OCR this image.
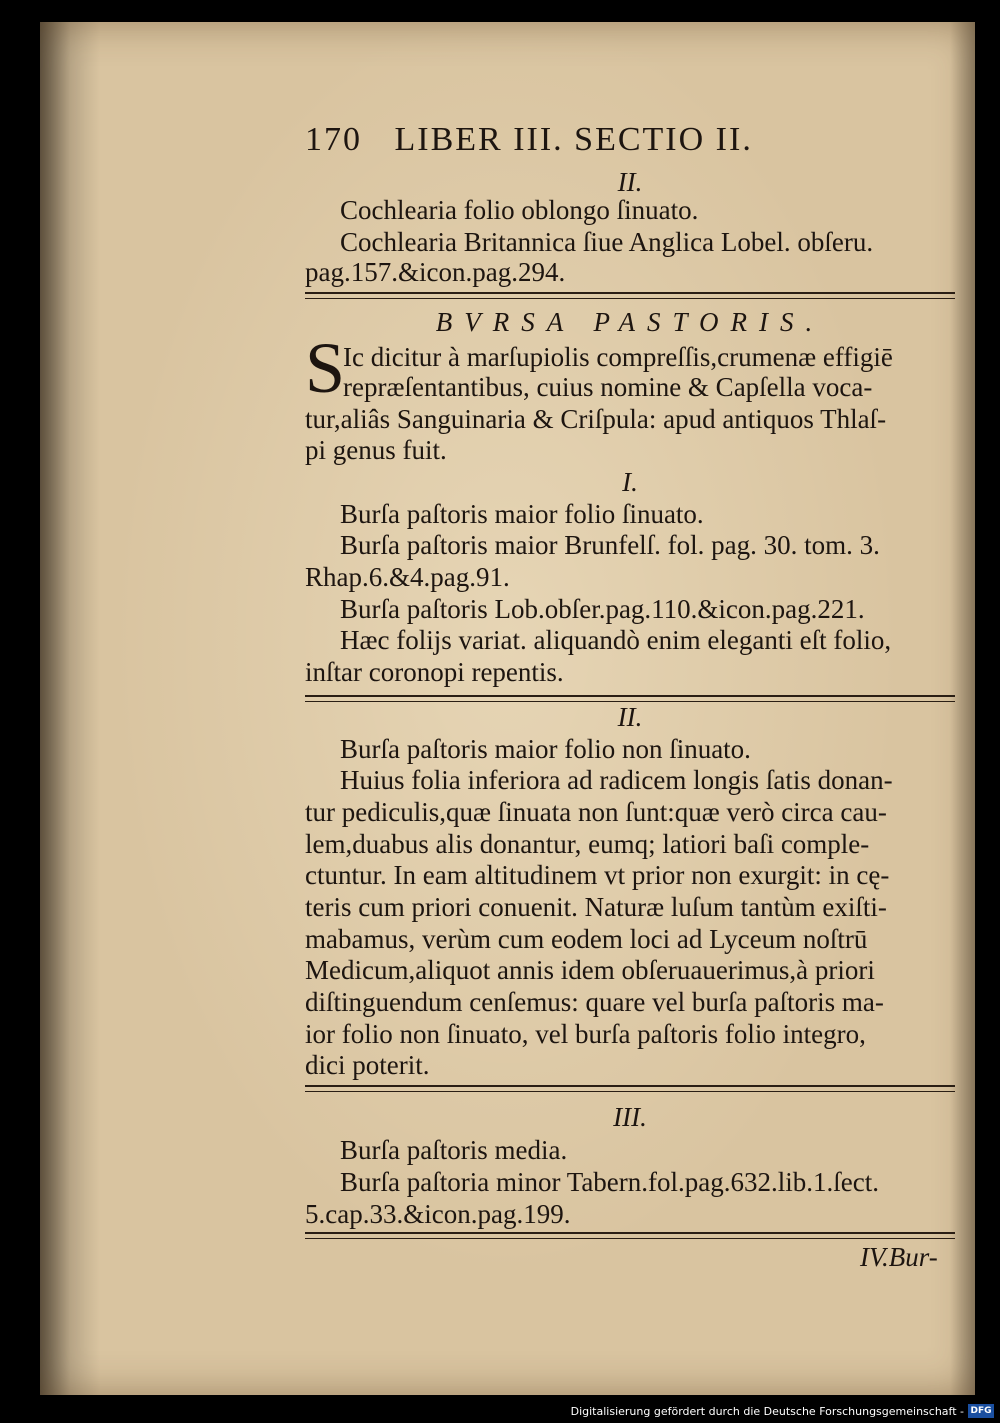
170 LIBER III. SECTIO II.
II.
Cochlearia folio oblongo ſinuato.
Cochlearia Britannica ſiue Anglica Lobel. obſeru.
pag.157.&icon.pag.294.
BVRSA PASTORIS.
S
Ic dicitur à marſupiolis compreſſis,crumenæ effigiē
repræſentantibus, cuius nomine & Capſella voca-
tur,aliâs Sanguinaria & Criſpula: apud antiquos Thlaſ-
pi genus fuit.
I.
Burſa paſtoris maior folio ſinuato.
Burſa paſtoris maior Brunfelſ. fol. pag. 30. tom. 3.
Rhap.6.&4.pag.91.
Burſa paſtoris Lob.obſer.pag.110.&icon.pag.221.
Hæc folijs variat. aliquandò enim eleganti eſt folio,
inſtar coronopi repentis.
II.
Burſa paſtoris maior folio non ſinuato.
Huius folia inferiora ad radicem longis ſatis donan-
tur pediculis,quæ ſinuata non ſunt:quæ verò circa cau-
lem,duabus alis donantur, eumq; latiori baſi comple-
ctuntur. In eam altitudinem vt prior non exurgit: in cę-
teris cum priori conuenit. Naturæ luſum tantùm exiſti-
mabamus, verùm cum eodem loci ad Lyceum noſtrū
Medicum,aliquot annis idem obſeruauerimus,à priori
diſtinguendum cenſemus: quare vel burſa paſtoris ma-
ior folio non ſinuato, vel burſa paſtoris folio integro,
dici poterit.
III.
Burſa paſtoris media.
Burſa paſtoria minor Tabern.fol.pag.632.lib.1.ſect.
5.cap.33.&icon.pag.199.
IV.Bur-
Digitalisierung gefördert durch die Deutsche Forschungsgemeinschaft - DFG
